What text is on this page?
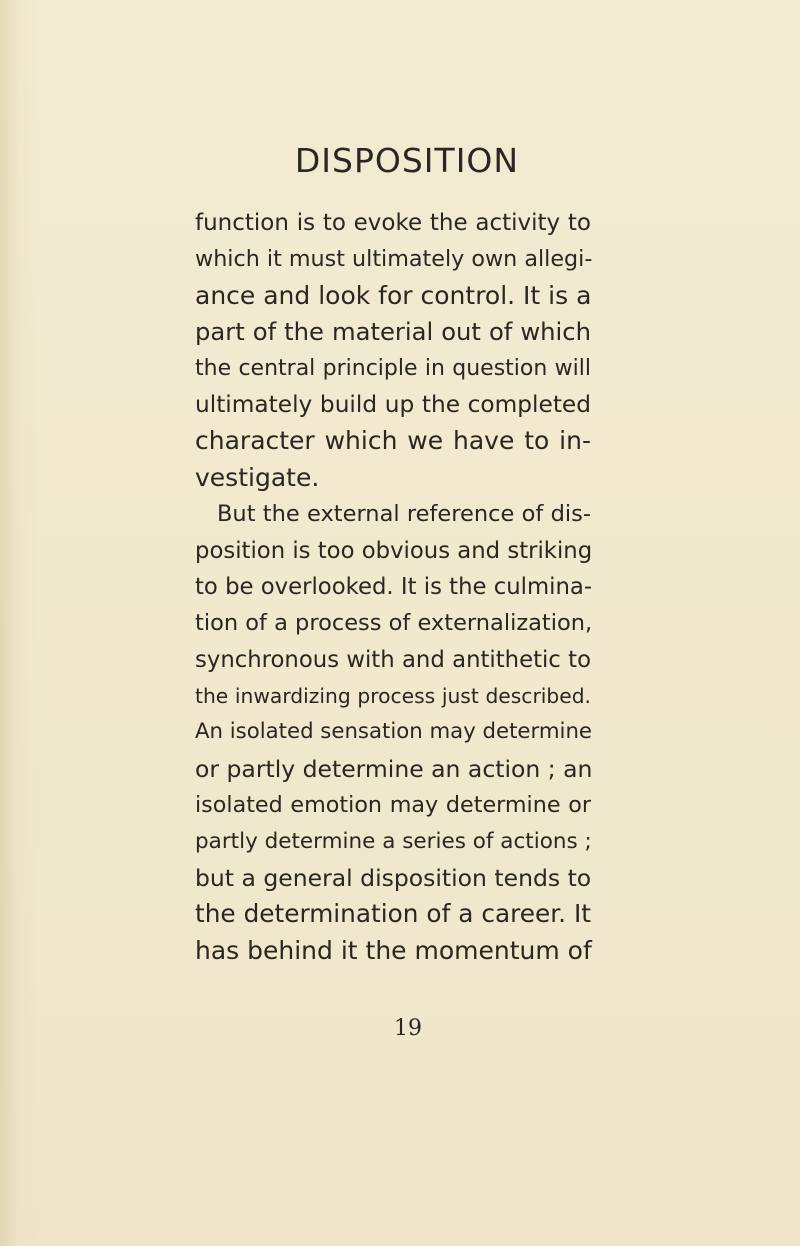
DISPOSITION
function is to evoke the activity to
which it must ultimately own allegi-
ance and look for control. It is a
part of the material out of which
the central principle in question will
ultimately build up the completed
character which we have to in-
vestigate.
But the external reference of dis-
position is too obvious and striking
to be overlooked. It is the culmina-
tion of a process of externalization,
synchronous with and antithetic to
the inwardizing process just described.
An isolated sensation may determine
or partly determine an action ; an
isolated emotion may determine or
partly determine a series of actions ;
but a general disposition tends to
the determination of a career. It
has behind it the momentum of
19
